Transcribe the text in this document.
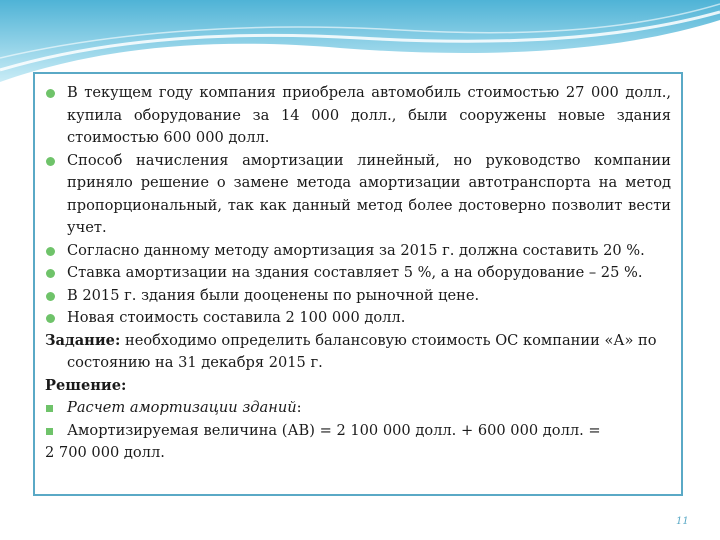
В текущем году компания приобрела автомобиль стоимостью 27 000 долл., купила оборудование за 14 000 долл., были сооружены новые здания стоимостью 600 000 долл.
Способ начисления амортизации линейный, но руководство компании приняло решение о замене метода амортизации автотранспорта на метод пропорциональный, так как данный метод более достоверно позволит вести учет.
Согласно данному методу амортизация за 2015 г. должна составить 20 %.
Ставка амортизации на здания составляет 5 %, а на оборудование – 25 %.
В 2015 г. здания были дооценены по рыночной цене.
Новая стоимость составила 2 100 000 долл.
Задание: необходимо определить балансовую стоимость ОС компании «А» по состоянию на 31 декабря 2015 г.
Решение:
Расчет амортизации зданий:
Амортизируемая величина (АВ) = 2 100 000 долл. + 600 000 долл. =
2 700 000 долл.
11
